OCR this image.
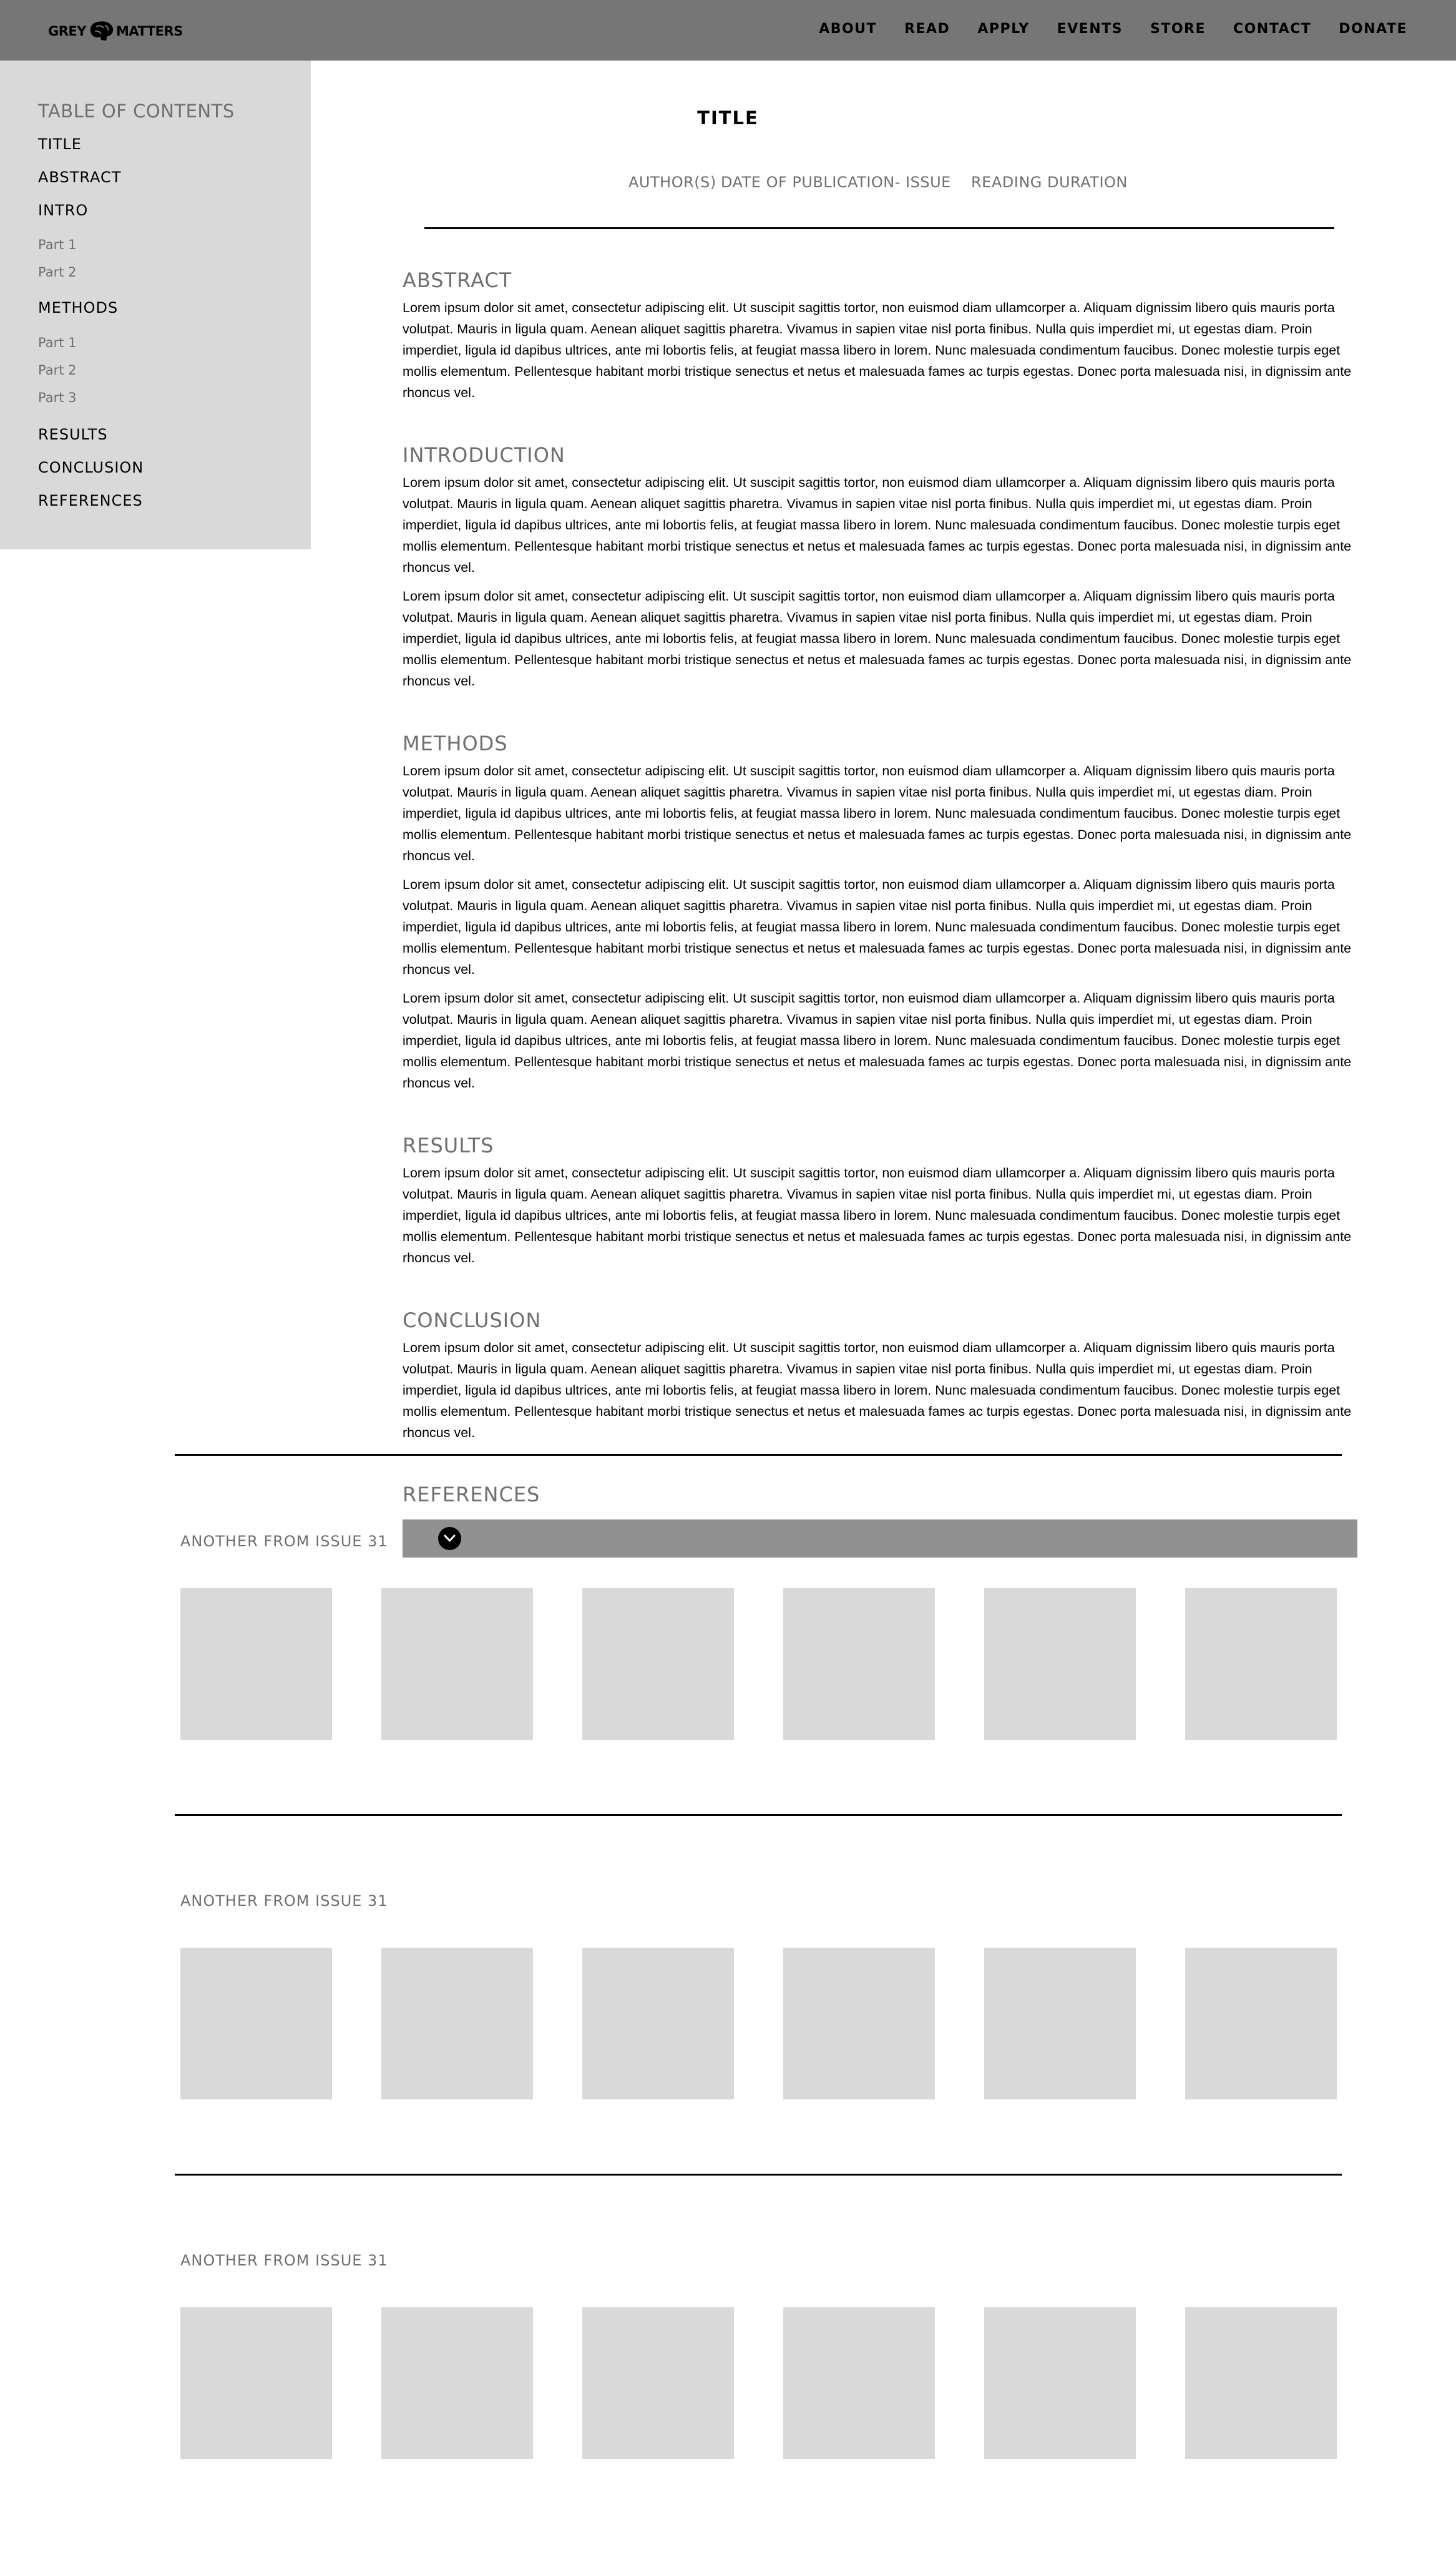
GREY MATTERS	ABOUT READ APPLY EVENTS STORE CONTACT DONATE
TABLE OF CONTENTS
TITLE
ABSTRACT
INTRO
Part 1
Part 2
METHODS
Part 1
Part 2
Part 3
RESULTS
CONCLUSION
REFERENCES
TITLE
AUTHOR(S) DATE OF PUBLICATION- ISSUE READING DURATION
ABSTRACT

Lorem ipsum dolor sit amet, consectetur adipiscing elit. Ut suscipit sagittis tortor, non euismod diam ullamcorper a. Aliquam dignissim libero quis mauris porta volutpat. Mauris in ligula quam. Aenean aliquet sagittis pharetra. Vivamus in sapien vitae nisl porta finibus. Nulla quis imperdiet mi, ut egestas diam. Proin imperdiet, ligula id dapibus ultrices, ante mi lobortis felis, at feugiat massa libero in lorem. Nunc malesuada condimentum faucibus. Donec molestie turpis eget mollis elementum. Pellentesque habitant morbi tristique senectus et netus et malesuada fames ac turpis egestas. Donec porta malesuada nisi, in dignissim ante rhoncus vel.

INTRODUCTION

Lorem ipsum dolor sit amet, consectetur adipiscing elit. Ut suscipit sagittis tortor, non euismod diam ullamcorper a. Aliquam dignissim libero quis mauris porta volutpat. Mauris in ligula quam. Aenean aliquet sagittis pharetra. Vivamus in sapien vitae nisl porta finibus. Nulla quis imperdiet mi, ut egestas diam. Proin imperdiet, ligula id dapibus ultrices, ante mi lobortis felis, at feugiat massa libero in lorem. Nunc malesuada condimentum faucibus. Donec molestie turpis eget mollis elementum. Pellentesque habitant morbi tristique senectus et netus et malesuada fames ac turpis egestas. Donec porta malesuada nisi, in dignissim ante rhoncus vel.

Lorem ipsum dolor sit amet, consectetur adipiscing elit. Ut suscipit sagittis tortor, non euismod diam ullamcorper a. Aliquam dignissim libero quis mauris porta volutpat. Mauris in ligula quam. Aenean aliquet sagittis pharetra. Vivamus in sapien vitae nisl porta finibus. Nulla quis imperdiet mi, ut egestas diam. Proin imperdiet, ligula id dapibus ultrices, ante mi lobortis felis, at feugiat massa libero in lorem. Nunc malesuada condimentum faucibus. Donec molestie turpis eget mollis elementum. Pellentesque habitant morbi tristique senectus et netus et malesuada fames ac turpis egestas. Donec porta malesuada nisi, in dignissim ante rhoncus vel.

METHODS

Lorem ipsum dolor sit amet, consectetur adipiscing elit. Ut suscipit sagittis tortor, non euismod diam ullamcorper a. Aliquam dignissim libero quis mauris porta volutpat. Mauris in ligula quam. Aenean aliquet sagittis pharetra. Vivamus in sapien vitae nisl porta finibus. Nulla quis imperdiet mi, ut egestas diam. Proin imperdiet, ligula id dapibus ultrices, ante mi lobortis felis, at feugiat massa libero in lorem. Nunc malesuada condimentum faucibus. Donec molestie turpis eget mollis elementum. Pellentesque habitant morbi tristique senectus et netus et malesuada fames ac turpis egestas. Donec porta malesuada nisi, in dignissim ante rhoncus vel.

Lorem ipsum dolor sit amet, consectetur adipiscing elit. Ut suscipit sagittis tortor, non euismod diam ullamcorper a. Aliquam dignissim libero quis mauris porta volutpat. Mauris in ligula quam. Aenean aliquet sagittis pharetra. Vivamus in sapien vitae nisl porta finibus. Nulla quis imperdiet mi, ut egestas diam. Proin imperdiet, ligula id dapibus ultrices, ante mi lobortis felis, at feugiat massa libero in lorem. Nunc malesuada condimentum faucibus. Donec molestie turpis eget mollis elementum. Pellentesque habitant morbi tristique senectus et netus et malesuada fames ac turpis egestas. Donec porta malesuada nisi, in dignissim ante rhoncus vel.

Lorem ipsum dolor sit amet, consectetur adipiscing elit. Ut suscipit sagittis tortor, non euismod diam ullamcorper a. Aliquam dignissim libero quis mauris porta volutpat. Mauris in ligula quam. Aenean aliquet sagittis pharetra. Vivamus in sapien vitae nisl porta finibus. Nulla quis imperdiet mi, ut egestas diam. Proin imperdiet, ligula id dapibus ultrices, ante mi lobortis felis, at feugiat massa libero in lorem. Nunc malesuada condimentum faucibus. Donec molestie turpis eget mollis elementum. Pellentesque habitant morbi tristique senectus et netus et malesuada fames ac turpis egestas. Donec porta malesuada nisi, in dignissim ante rhoncus vel.

RESULTS

Lorem ipsum dolor sit amet, consectetur adipiscing elit. Ut suscipit sagittis tortor, non euismod diam ullamcorper a. Aliquam dignissim libero quis mauris porta volutpat. Mauris in ligula quam. Aenean aliquet sagittis pharetra. Vivamus in sapien vitae nisl porta finibus. Nulla quis imperdiet mi, ut egestas diam. Proin imperdiet, ligula id dapibus ultrices, ante mi lobortis felis, at feugiat massa libero in lorem. Nunc malesuada condimentum faucibus. Donec molestie turpis eget mollis elementum. Pellentesque habitant morbi tristique senectus et netus et malesuada fames ac turpis egestas. Donec porta malesuada nisi, in dignissim ante rhoncus vel.

CONCLUSION

Lorem ipsum dolor sit amet, consectetur adipiscing elit. Ut suscipit sagittis tortor, non euismod diam ullamcorper a. Aliquam dignissim libero quis mauris porta volutpat. Mauris in ligula quam. Aenean aliquet sagittis pharetra. Vivamus in sapien vitae nisl porta finibus. Nulla quis imperdiet mi, ut egestas diam. Proin imperdiet, ligula id dapibus ultrices, ante mi lobortis felis, at feugiat massa libero in lorem. Nunc malesuada condimentum faucibus. Donec molestie turpis eget mollis elementum. Pellentesque habitant morbi tristique senectus et netus et malesuada fames ac turpis egestas. Donec porta malesuada nisi, in dignissim ante rhoncus vel.

REFERENCES
ANOTHER FROM ISSUE 31
ANOTHER FROM ISSUE 31
ANOTHER FROM ISSUE 31
